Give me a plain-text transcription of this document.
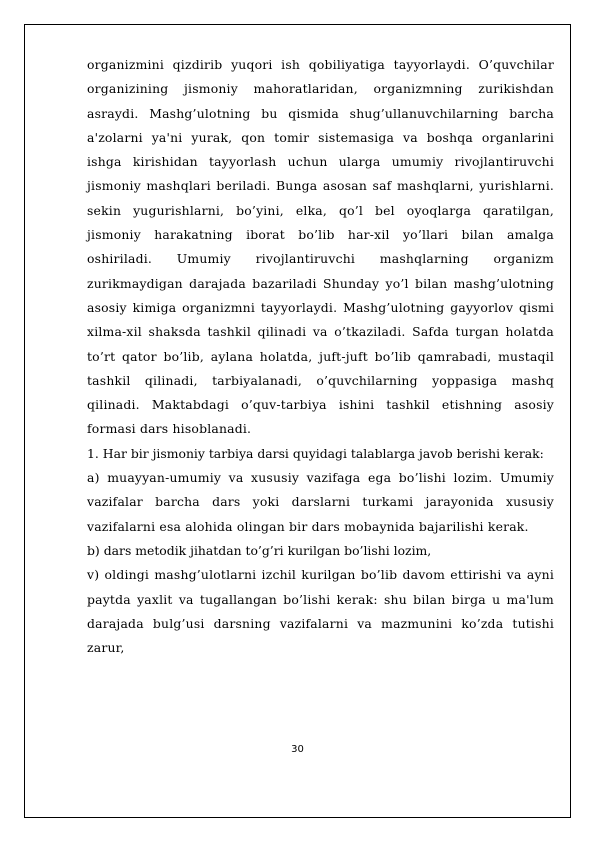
organizmini qizdirib yuqori ish qobiliyatiga tayyorlaydi. O’quvchilar organizining jismoniy mahoratlaridan, organizmning zurikishdan asraydi. Mashg’ulotning bu qismida shug’ullanuvchilarning barcha a'zolarni ya'ni yurak, qon tomir sistemasiga va boshqa organlarini ishga kirishidan tayyorlash uchun ularga umumiy rivojlantiruvchi jismoniy mashqlari beriladi. Bunga asosan saf mashqlarni, yurishlarni. sekin yugurishlarni, bo’yini, elka, qo’l bel oyoqlarga qaratilgan, jismoniy harakatning iborat bo’lib har-xil yo’llari bilan amalga oshiriladi. Umumiy rivojlantiruvchi mashqlarning organizm zurikmaydigan darajada bazariladi Shunday yo’l bilan mashg’ulotning asosiy kimiga organizmni tayyorlaydi. Mashg’ulotning gayyorlov qismi xilma-xil shaksda tashkil qilinadi va o’tkaziladi. Safda turgan holatda to’rt qator bo’lib, aylana holatda, juft-juft bo’lib qamrabadi, mustaqil tashkil qilinadi, tarbiyalanadi, o’quvchilarning yoppasiga mashq qilinadi. Maktabdagi o’quv-tarbiya ishini tashkil etishning asosiy formasi dars hisoblanadi.

1. Har bir jismoniy tarbiya darsi quyidagi talablarga javob berishi kerak:

a) muayyan-umumiy va xususiy vazifaga ega bo’lishi lozim. Umumiy vazifalar barcha dars yoki darslarni turkami jarayonida xususiy vazifalarni esa alohida olingan bir dars mobaynida bajarilishi kerak.

b) dars metodik jihatdan to’g’ri kurilgan bo’lishi lozim,

v) oldingi mashg’ulotlarni izchil kurilgan bo’lib davom ettirishi va ayni paytda yaxlit va tugallangan bo’lishi kerak: shu bilan birga u ma'lum darajada bulg’usi darsning vazifalarni va mazmunini ko’zda tutishi zarur,

30
